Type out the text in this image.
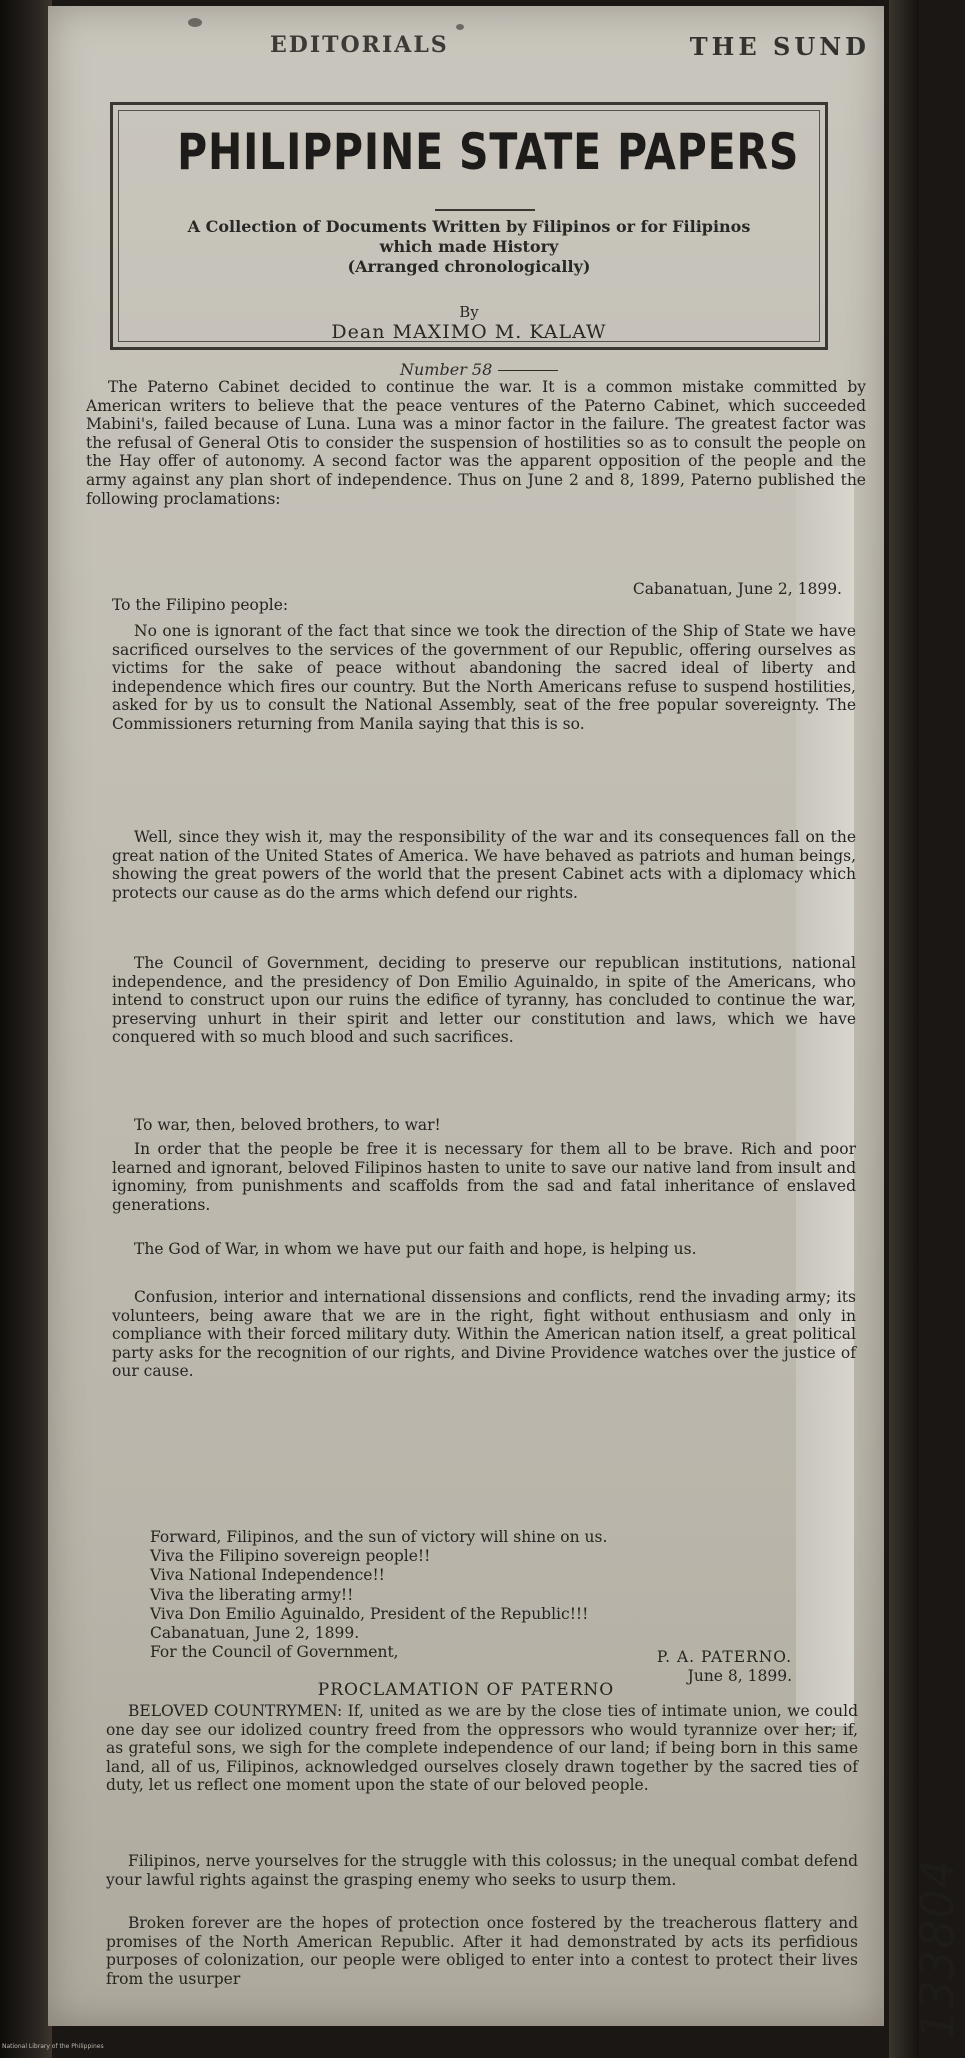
EDITORIALS	THE SUND
PHILIPPINE STATE PAPERS
A Collection of Documents Written by Filipinos or for Filipinos
which made History
(Arranged chronologically)
By
Dean MAXIMO M. KALAW
Number 58

The Paterno Cabinet decided to continue the war. It is a common mistake committed by American writers to believe that the peace ventures of the Paterno Cabinet, which succeeded Mabini's, failed because of Luna. Luna was a minor factor in the failure. The greatest factor was the refusal of General Otis to consider the suspension of hostilities so as to consult the people on the Hay offer of autonomy. A second factor was the apparent opposition of the people and the army against any plan short of independence. Thus on June 2 and 8, 1899, Paterno published the following proclamations:

To the Filipino people:
Cabanatuan, June 2, 1899.

No one is ignorant of the fact that since we took the direction of the Ship of State we have sacrificed ourselves to the services of the government of our Republic, offering ourselves as victims for the sake of peace without abandoning the sacred ideal of liberty and independence which fires our country. But the North Americans refuse to suspend hostilities, asked for by us to consult the National Assembly, seat of the free popular sovereignty. The Commissioners returning from Manila saying that this is so.

Well, since they wish it, may the responsibility of the war and its consequences fall on the great nation of the United States of America. We have behaved as patriots and human beings, showing the great powers of the world that the present Cabinet acts with a diplomacy which protects our cause as do the arms which defend our rights.

The Council of Government, deciding to preserve our republican institutions, national independence, and the presidency of Don Emilio Aguinaldo, in spite of the Americans, who intend to construct upon our ruins the edifice of tyranny, has concluded to continue the war, preserving unhurt in their spirit and letter our constitution and laws, which we have conquered with so much blood and such sacrifices.

To war, then, beloved brothers, to war!

In order that the people be free it is necessary for them all to be brave. Rich and poor learned and ignorant, beloved Filipinos hasten to unite to save our native land from insult and ignominy, from punishments and scaffolds from the sad and fatal inheritance of enslaved generations.

The God of War, in whom we have put our faith and hope, is helping us.

Confusion, interior and international dissensions and conflicts, rend the invading army; its volunteers, being aware that we are in the right, fight without enthusiasm and only in compliance with their forced military duty. Within the American nation itself, a great political party asks for the recognition of our rights, and Divine Providence watches over the justice of our cause.

Forward, Filipinos, and the sun of victory will shine on us.
Viva the Filipino sovereign people!!
Viva National Independence!!
Viva the liberating army!!
Viva Don Emilio Aguinaldo, President of the Republic!!!
Cabanatuan, June 2, 1899.
For the Council of Government,	P. A. PATERNO.
June 8, 1899.
PROCLAMATION OF PATERNO

BELOVED COUNTRYMEN: If, united as we are by the close ties of intimate union, we could one day see our idolized country freed from the oppressors who would tyrannize over her; if, as grateful sons, we sigh for the complete independence of our land; if being born in this same land, all of us, Filipinos, acknowledged ourselves closely drawn together by the sacred ties of duty, let us reflect one moment upon the state of our beloved people.

Filipinos, nerve yourselves for the struggle with this colossus; in the unequal combat defend your lawful rights against the grasping enemy who seeks to usurp them.

Broken forever are the hopes of protection once fostered by the treacherous flattery and promises of the North American Republic. After it had demonstrated by acts its perfidious purposes of colonization, our people were obliged to enter into a contest to protect their lives from the usurper	133804
National Library of the Philippines
